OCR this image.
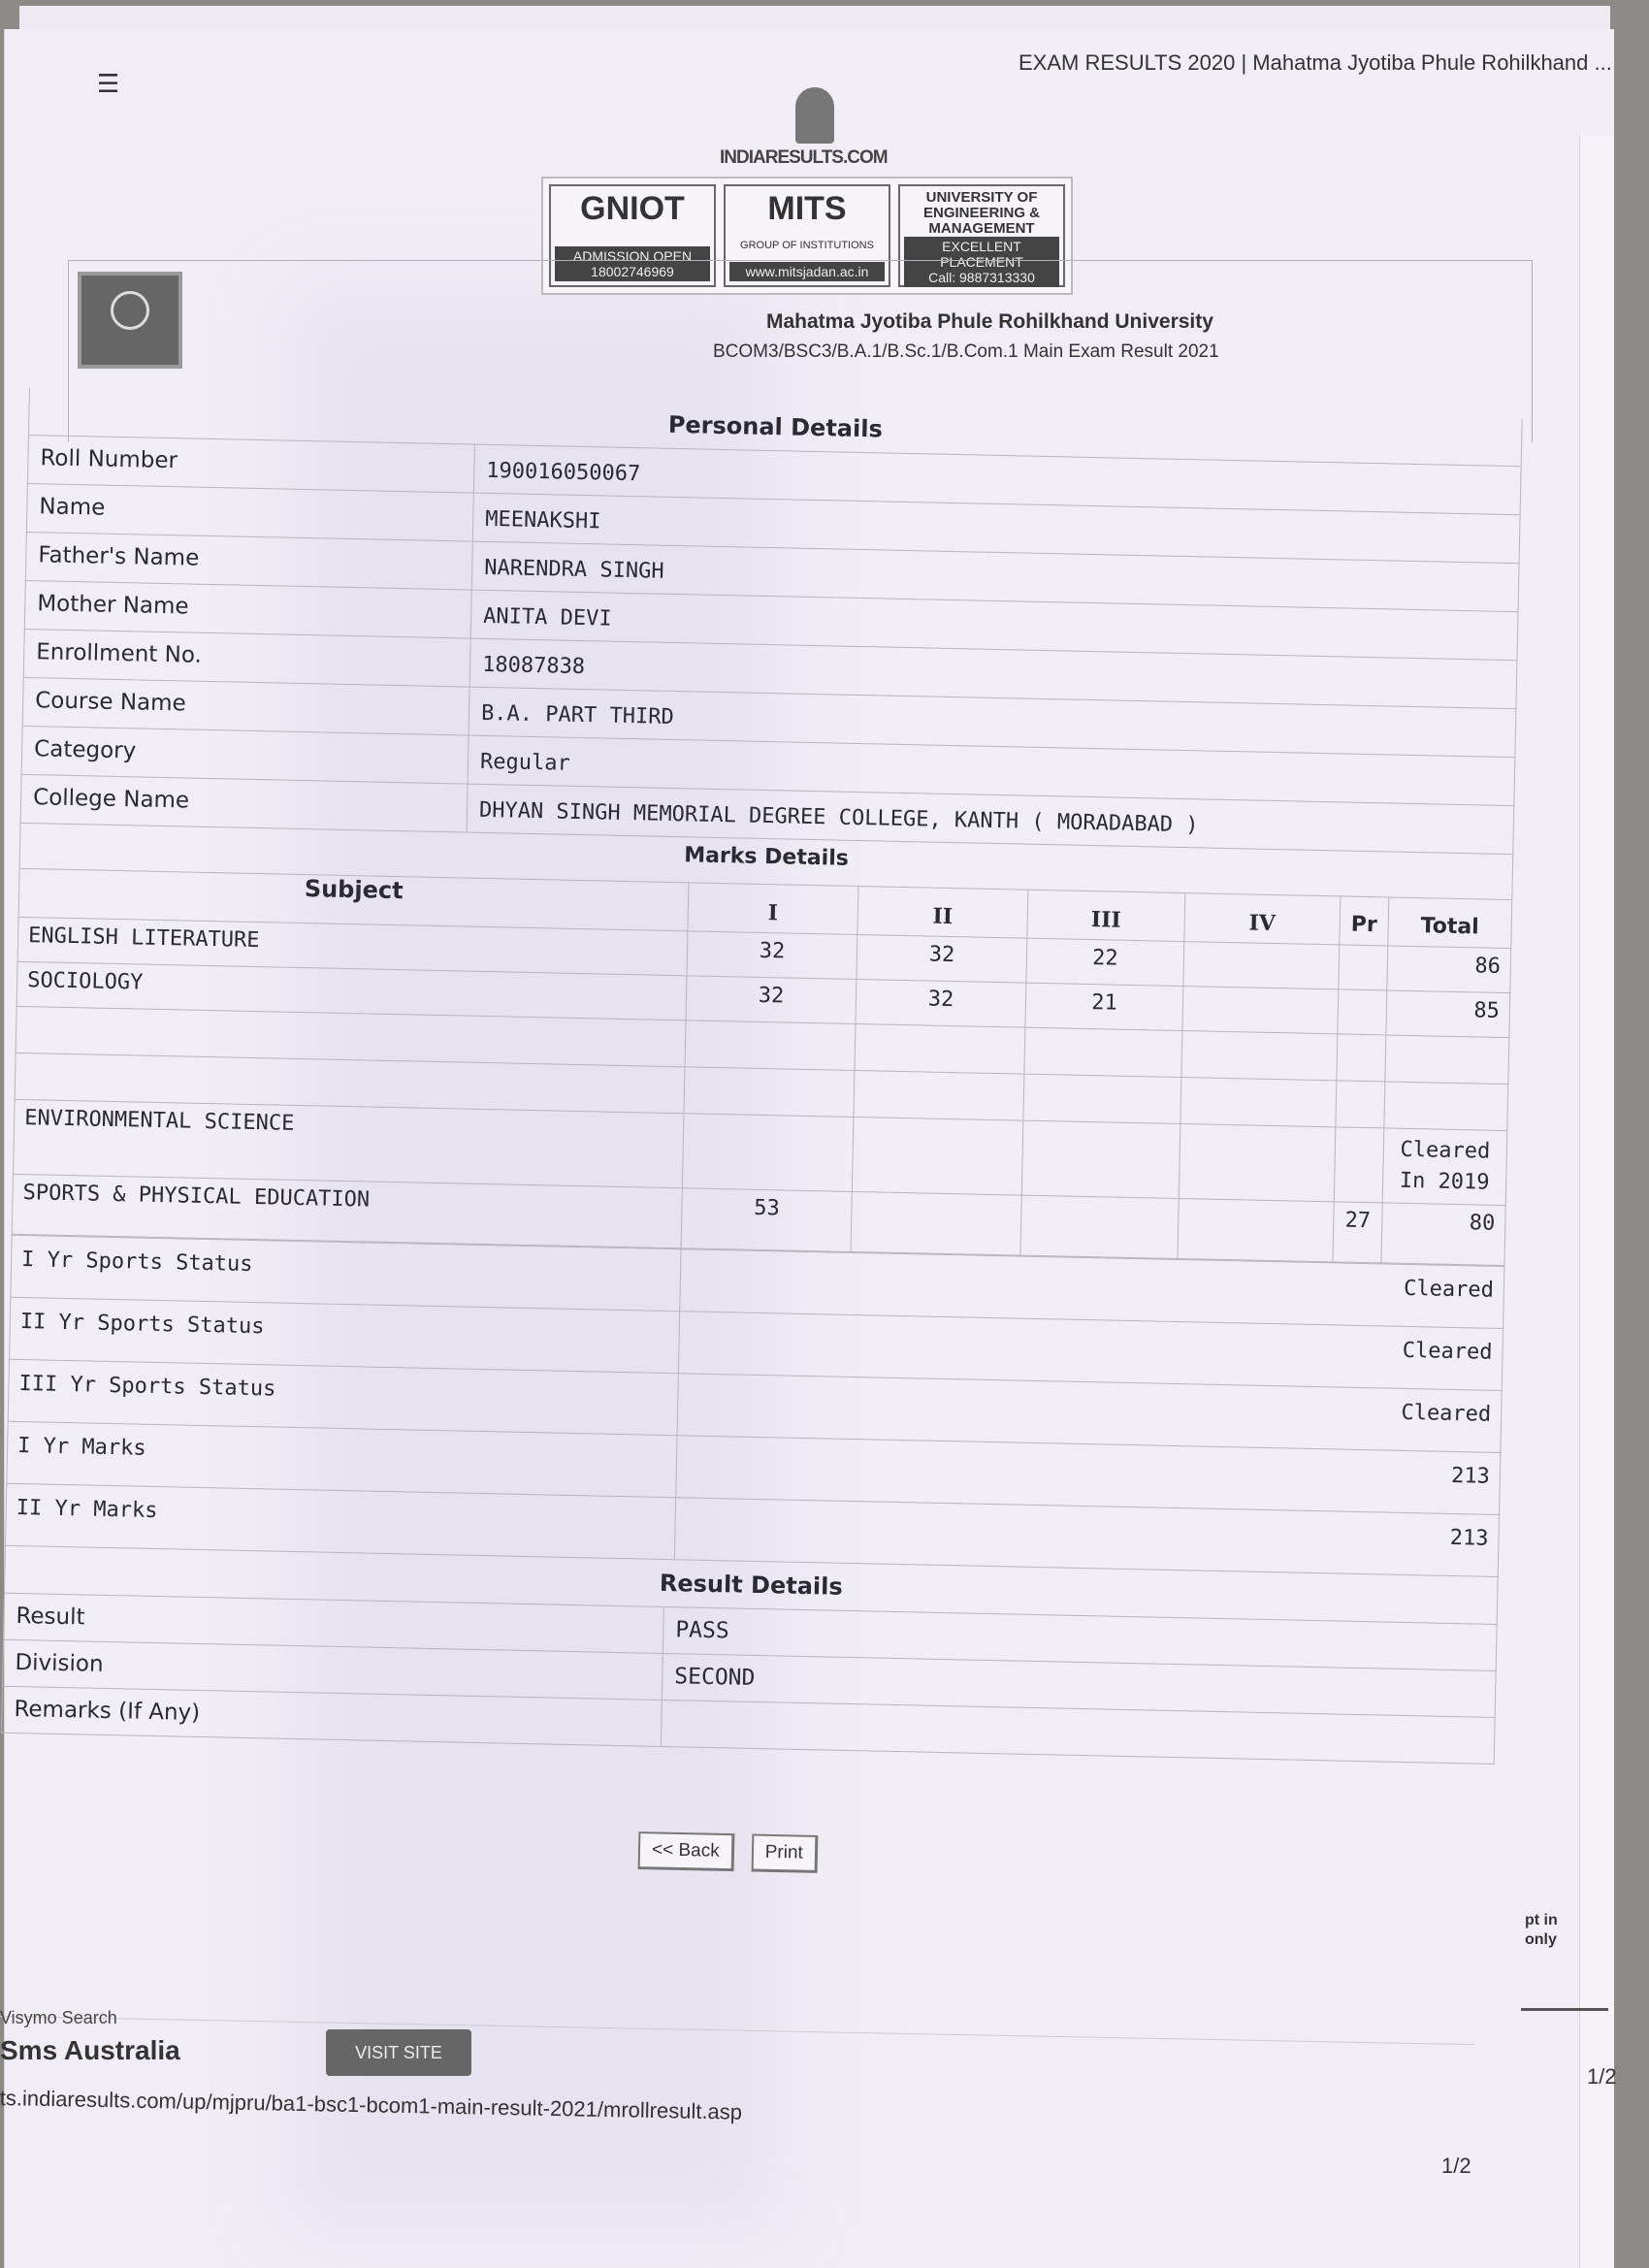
☰
EXAM RESULTS 2020 | Mahatma Jyotiba Phule Rohilkhand ...
INDIARESULTS.COM
GNIOT
ADMISSION OPEN
18002746969
MITS
GROUP OF INSTITUTIONS
www.mitsjadan.ac.in
UNIVERSITY OF ENGINEERING & MANAGEMENT
EXCELLENT PLACEMENT
Call: 9887313330
Mahatma Jyotiba Phule Rohilkhand University
BCOM3/BSC3/B.A.1/B.Sc.1/B.Com.1 Main Exam Result 2021
Personal Details	
Roll Number	190016050067
Name	MEENAKSHI
Father's Name	NARENDRA SINGH
Mother Name	ANITA DEVI
Enrollment No.	18087838
Course Name	B.A. PART THIRD
Category	Regular
College Name	DHYAN SINGH MEMORIAL DEGREE COLLEGE, KANTH ( MORADABAD )
Marks Details						
Subject	I	II	III	IV	Pr	Total
ENGLISH LITERATURE	32	32	22			86
SOCIOLOGY	32	32	21			85

ENVIRONMENTAL SCIENCE						Cleared In 2019
SPORTS & PHYSICAL EDUCATION	53				27	80
I Yr Sports Status	Cleared
II Yr Sports Status	Cleared
III Yr Sports Status	Cleared
I Yr Marks	213
II Yr Marks	213
Result Details	
Result	PASS
Division	SECOND
Remarks (If Any)	
<< Back	Print
pt in only
Visymo Search
Sms Australia	VISIT SITE
ts.indiaresults.com/up/mjpru/ba1-bsc1-bcom1-main-result-2021/mrollresult.asp
1/2
1/2
